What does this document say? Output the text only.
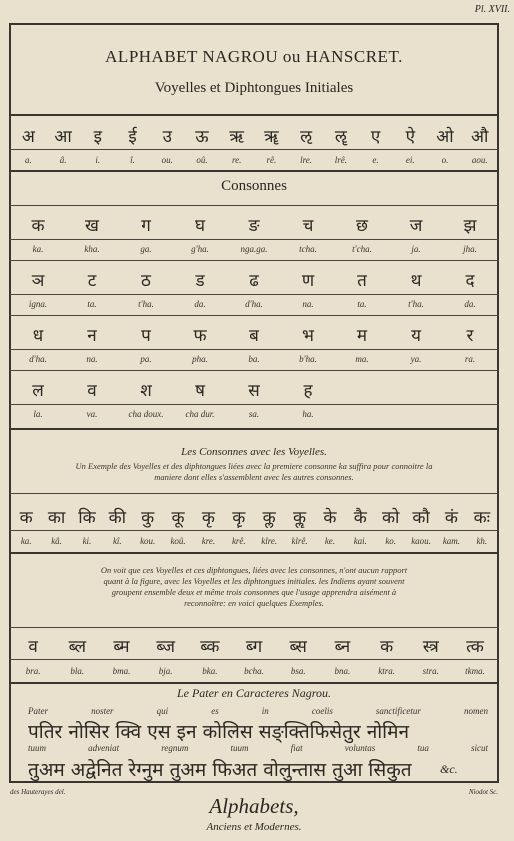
Pl. XVII.
ALPHABET NAGROU ou HANSCRET.
Voyelles et Diphtongues Initiales
अ	आ	इ	ई	उ	ऊ	ऋ	ॠ	ऌ	ॡ	ए	ऐ	ओ	औ
a.	â.	i.	î.	ou.	oû.	re.	rê.	lre.	lrê.	e.	ei.	o.	aou.
Consonnes
क	ख	ग	घ	ङ	च	छ	ज	झ
ka.	kha.	ga.	g'ha.	nga.ga.	tcha.	t'cha.	ja.	jha.
ञ	ट	ठ	ड	ढ	ण	त	थ	द
igna.	ta.	t'ha.	da.	d'ha.	na.	ta.	t'ha.	da.
ध	न	प	फ	ब	भ	म	य	र
d'ha.	na.	pa.	pha.	ba.	b'ha.	ma.	ya.	ra.
ल	व	श	ष	स	ह
la.	va.	cha doux.	cha dur.	sa.	ha.
Les Consonnes avec les Voyelles.
Un Exemple des Voyelles et des diphtongues liées avec la premiere consonne ka suffira pour connoitre la
maniere dont elles s'assemblent avec les autres consonnes.
क का कि की कु	कू	कृ	कॄ	कॢ	कॣ	के	कै को कौ कं कः
ka.	kâ.	ki.	kî.	kou.	koû.	kre.	krê.	klre.	klrê.	ke.	kai.	ko.	kaou.	kam.	kh.
On voit que ces Voyelles et ces diphtongues, liées avec les consonnes, n'ont aucun rapport
quant à la figure, avec les Voyelles et les diphtongues initiales. les Indiens ayant souvent
groupent ensemble deux et même trois consonnes que l'usage apprendra aisément à
reconnoître: en voici quelques Exemples.
व	ब्ल	ब्म	ब्ज	ब्क	ब्ग	ब्स	ब्न	क	स्त्र	त्क
bra.	bla.	bma.	bja.	bka.	bcha.	bsa.	bna.	ktra.	stra.	tkma.
Le Pater en Caracteres Nagrou.
Pater	noster	qui	es	in	coelis	sanctificetur	nomen
पतिर नोसिर क्वि एस इन कोलिस सङ्क्तिफिसेतुर नोमिन
tuum	adveniat	regnum	tuum	fiat	voluntas	tua	sicut
तुअम अद्वेनित रेग्नुम तुअम फिअत वोलुन्तास तुआ सिकुत	&c.
des Hauterayes del.	Niodot Sc.
Alphabets,
Anciens et Modernes.
